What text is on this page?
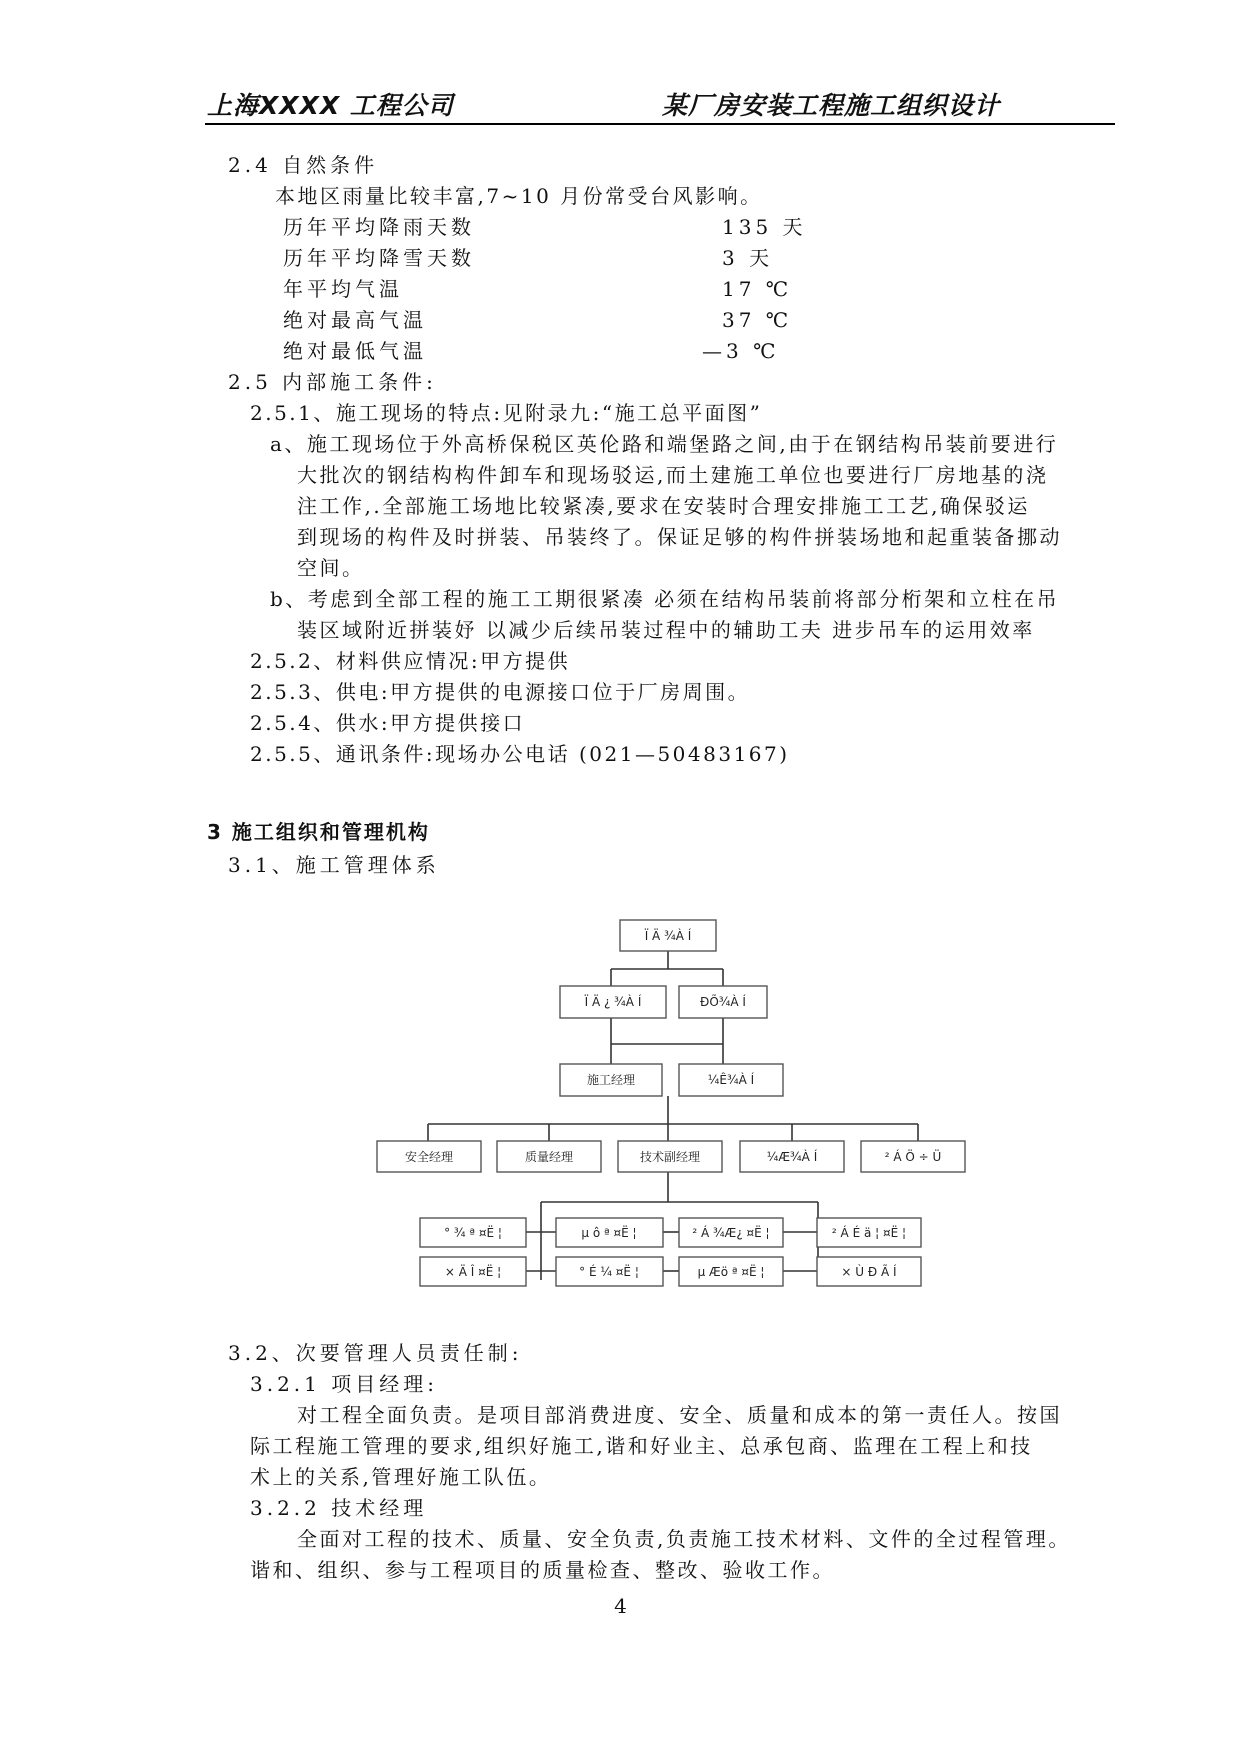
上海XXXX 工程公司	某厂房安装工程施工组织设计
2.4 自然条件
本地区雨量比较丰富,7~10 月份常受台风影响。
历年平均降雨天数	135 天
历年平均降雪天数	3 天
年平均气温	17 ℃
绝对最高气温	37 ℃
绝对最低气温	—3 ℃
2.5 内部施工条件:
2.5.1、施工现场的特点:见附录九:“施工总平面图”
a、施工现场位于外高桥保税区英伦路和端堡路之间,由于在钢结构吊装前要进行
大批次的钢结构构件卸车和现场驳运,而土建施工单位也要进行厂房地基的浇
注工作,.全部施工场地比较紧凑,要求在安装时合理安排施工工艺,确保驳运
到现场的构件及时拼装、吊装终了。保证足够的构件拼装场地和起重装备挪动
空间。
b、考虑到全部工程的施工工期很紧凑 必须在结构吊装前将部分桁架和立柱在吊
装区域附近拼装妤 以减少后续吊装过程中的辅助工夫 进步吊车的运用效率
2.5.2、材料供应情况:甲方提供
2.5.3、供电:甲方提供的电源接口位于厂房周围。
2.5.4、供水:甲方提供接口
2.5.5、通讯条件:现场办公电话 (021—50483167)
3 施工组织和管理机构
3.1、施工管理体系
Ï Ä ¾À Í
Ï Ä ¿ ¾À Í	ÐÕ¾À Í
施工经理	¼Ê¾À Í
安全经理	质量经理	技术副经理	¼Æ¾À Í	² Á Ö ÷ Ü
° ¾ ª ¤Ë ¦	µ ô ª ¤Ë ¦	² Á ¾Æ¿ ¤Ë ¦	² Á É ä ¦ ¤Ë ¦
× Ä Î ¤Ë ¦	° É ¼ ¤Ë ¦	µ Æö ª ¤Ë ¦	× Ù Ð Ã Í
3.2、次要管理人员责任制:
3.2.1 项目经理:
对工程全面负责。是项目部消费进度、安全、质量和成本的第一责任人。按国
际工程施工管理的要求,组织好施工,谐和好业主、总承包商、监理在工程上和技
术上的关系,管理好施工队伍。
3.2.2 技术经理
全面对工程的技术、质量、安全负责,负责施工技术材料、文件的全过程管理。
谐和、组织、参与工程项目的质量检查、整改、验收工作。
4
